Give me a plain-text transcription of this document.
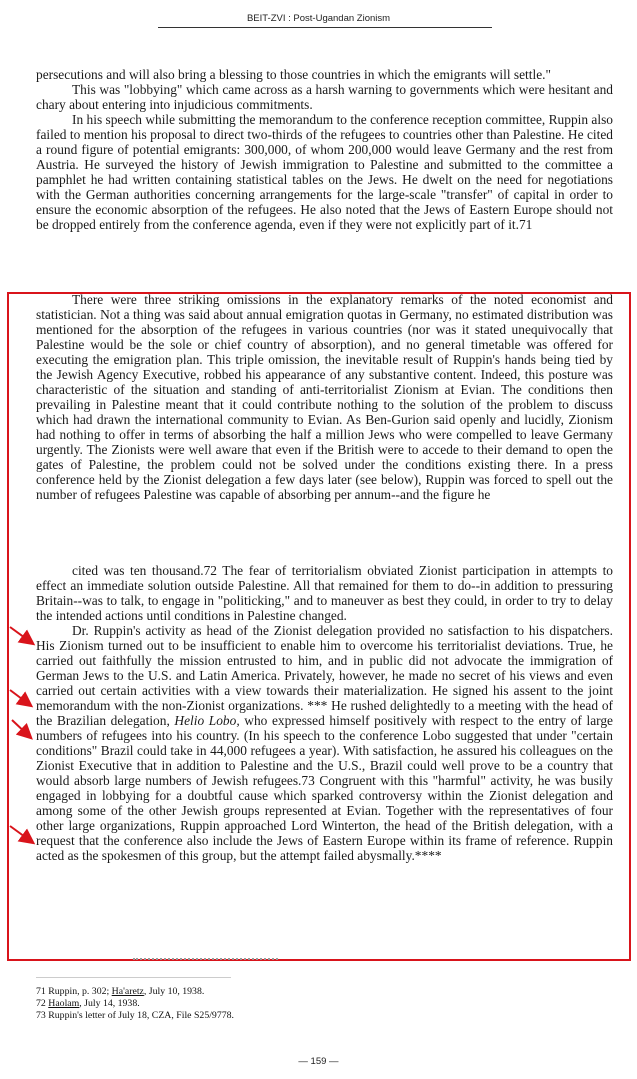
BEIT-ZVI : Post-Ugandan Zionism

persecutions and will also bring a blessing to those countries in which the emigrants will settle."

This was "lobbying" which came across as a harsh warning to governments which were hesitant and chary about entering into injudicious commitments.

In his speech while submitting the memorandum to the conference reception committee, Ruppin also failed to mention his proposal to direct two-thirds of the refugees to countries other than Palestine. He cited a round figure of potential emigrants: 300,000, of whom 200,000 would leave Germany and the rest from Austria. He surveyed the history of Jewish immigration to Palestine and submitted to the committee a pamphlet he had written containing statistical tables on the Jews. He dwelt on the need for negotiations with the German authorities concerning arrangements for the large-scale "transfer" of capital in order to ensure the economic absorption of the refugees. He also noted that the Jews of Eastern Europe should not be dropped entirely from the conference agenda, even if they were not explicitly part of it.71

There were three striking omissions in the explanatory remarks of the noted economist and statistician. Not a thing was said about annual emigration quotas in Germany, no estimated distribution was mentioned for the absorption of the refugees in various countries (nor was it stated unequivocally that Palestine would be the sole or chief country of absorption), and no general timetable was offered for executing the emigration plan. This triple omission, the inevitable result of Ruppin's hands being tied by the Jewish Agency Executive, robbed his appearance of any substantive content. Indeed, this posture was characteristic of the situation and standing of anti-territorialist Zionism at Evian. The conditions then prevailing in Palestine meant that it could contribute nothing to the solution of the problem to discuss which had drawn the international community to Evian. As Ben-Gurion said openly and lucidly, Zionism had nothing to offer in terms of absorbing the half a million Jews who were compelled to leave Germany urgently. The Zionists were well aware that even if the British were to accede to their demand to open the gates of Palestine, the problem could not be solved under the conditions existing there. In a press conference held by the Zionist delegation a few days later (see below), Ruppin was forced to spell out the number of refugees Palestine was capable of absorbing per annum--and the figure he

cited was ten thousand.72 The fear of territorialism obviated Zionist participation in attempts to effect an immediate solution outside Palestine. All that remained for them to do--in addition to pressuring Britain--was to talk, to engage in "politicking," and to maneuver as best they could, in order to try to delay the intended actions until conditions in Palestine changed.

Dr. Ruppin's activity as head of the Zionist delegation provided no satisfaction to his dispatchers. His Zionism turned out to be insufficient to enable him to overcome his territorialist deviations. True, he carried out faithfully the mission entrusted to him, and in public did not advocate the immigration of German Jews to the U.S. and Latin America. Privately, however, he made no secret of his views and even carried out certain activities with a view towards their materialization. He signed his assent to the joint memorandum with the non-Zionist organizations. *** He rushed delightedly to a meeting with the head of the Brazilian delegation, Helio Lobo, who expressed himself positively with respect to the entry of large numbers of refugees into his country. (In his speech to the conference Lobo suggested that under "certain conditions" Brazil could take in 44,000 refugees a year). With satisfaction, he assured his colleagues on the Zionist Executive that in addition to Palestine and the U.S., Brazil could well prove to be a country that would absorb large numbers of Jewish refugees.73 Congruent with this "harmful" activity, he was busily engaged in lobbying for a doubtful cause which sparked controversy within the Zionist delegation and among some of the other Jewish groups represented at Evian. Together with the representatives of four other large organizations, Ruppin approached Lord Winterton, the head of the British delegation, with a request that the conference also include the Jews of Eastern Europe within its frame of reference. Ruppin acted as the spokesmen of this group, but the attempt failed abysmally.****

71 Ruppin, p. 302; Ha'aretz, July 10, 1938.
72 Haolam, July 14, 1938.
73 Ruppin's letter of July 18, CZA, File S25/9778.
— 159 —
